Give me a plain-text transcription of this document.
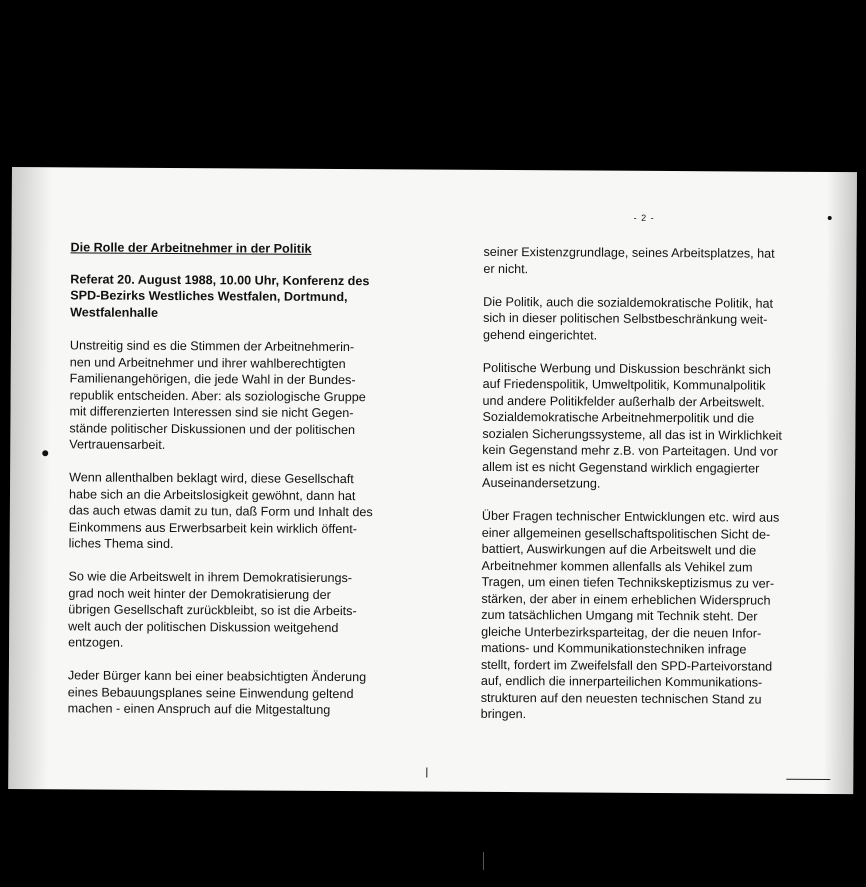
- 2 -
Die Rolle der Arbeitnehmer in der Politik
Referat 20. August 1988, 10.00 Uhr, Konferenz des
SPD-Bezirks Westliches Westfalen, Dortmund,
Westfalenhalle
Unstreitig sind es die Stimmen der Arbeitnehmerin-
nen und Arbeitnehmer und ihrer wahlberechtigten
Familienangehörigen, die jede Wahl in der Bundes-
republik entscheiden. Aber: als soziologische Gruppe
mit differenzierten Interessen sind sie nicht Gegen-
stände politischer Diskussionen und der politischen
Vertrauensarbeit.
Wenn allenthalben beklagt wird, diese Gesellschaft
habe sich an die Arbeitslosigkeit gewöhnt, dann hat
das auch etwas damit zu tun, daß Form und Inhalt des
Einkommens aus Erwerbsarbeit kein wirklich öffent-
liches Thema sind.
So wie die Arbeitswelt in ihrem Demokratisierungs-
grad noch weit hinter der Demokratisierung der
übrigen Gesellschaft zurückbleibt, so ist die Arbeits-
welt auch der politischen Diskussion weitgehend
entzogen.
Jeder Bürger kann bei einer beabsichtigten Änderung
eines Bebauungsplanes seine Einwendung geltend
machen - einen Anspruch auf die Mitgestaltung
seiner Existenzgrundlage, seines Arbeitsplatzes, hat
er nicht.
Die Politik, auch die sozialdemokratische Politik, hat
sich in dieser politischen Selbstbeschränkung weit-
gehend eingerichtet.
Politische Werbung und Diskussion beschränkt sich
auf Friedenspolitik, Umweltpolitik, Kommunalpolitik
und andere Politikfelder außerhalb der Arbeitswelt.
Sozialdemokratische Arbeitnehmerpolitik und die
sozialen Sicherungssysteme, all das ist in Wirklichkeit
kein Gegenstand mehr z.B. von Parteitagen. Und vor
allem ist es nicht Gegenstand wirklich engagierter
Auseinandersetzung.
Über Fragen technischer Entwicklungen etc. wird aus
einer allgemeinen gesellschaftspolitischen Sicht de-
battiert, Auswirkungen auf die Arbeitswelt und die
Arbeitnehmer kommen allenfalls als Vehikel zum
Tragen, um einen tiefen Technikskeptizismus zu ver-
stärken, der aber in einem erheblichen Widerspruch
zum tatsächlichen Umgang mit Technik steht. Der
gleiche Unterbezirksparteitag, der die neuen Infor-
mations- und Kommunikationstechniken infrage
stellt, fordert im Zweifelsfall den SPD-Parteivorstand
auf, endlich die innerparteilichen Kommunikations-
strukturen auf den neuesten technischen Stand zu
bringen.
